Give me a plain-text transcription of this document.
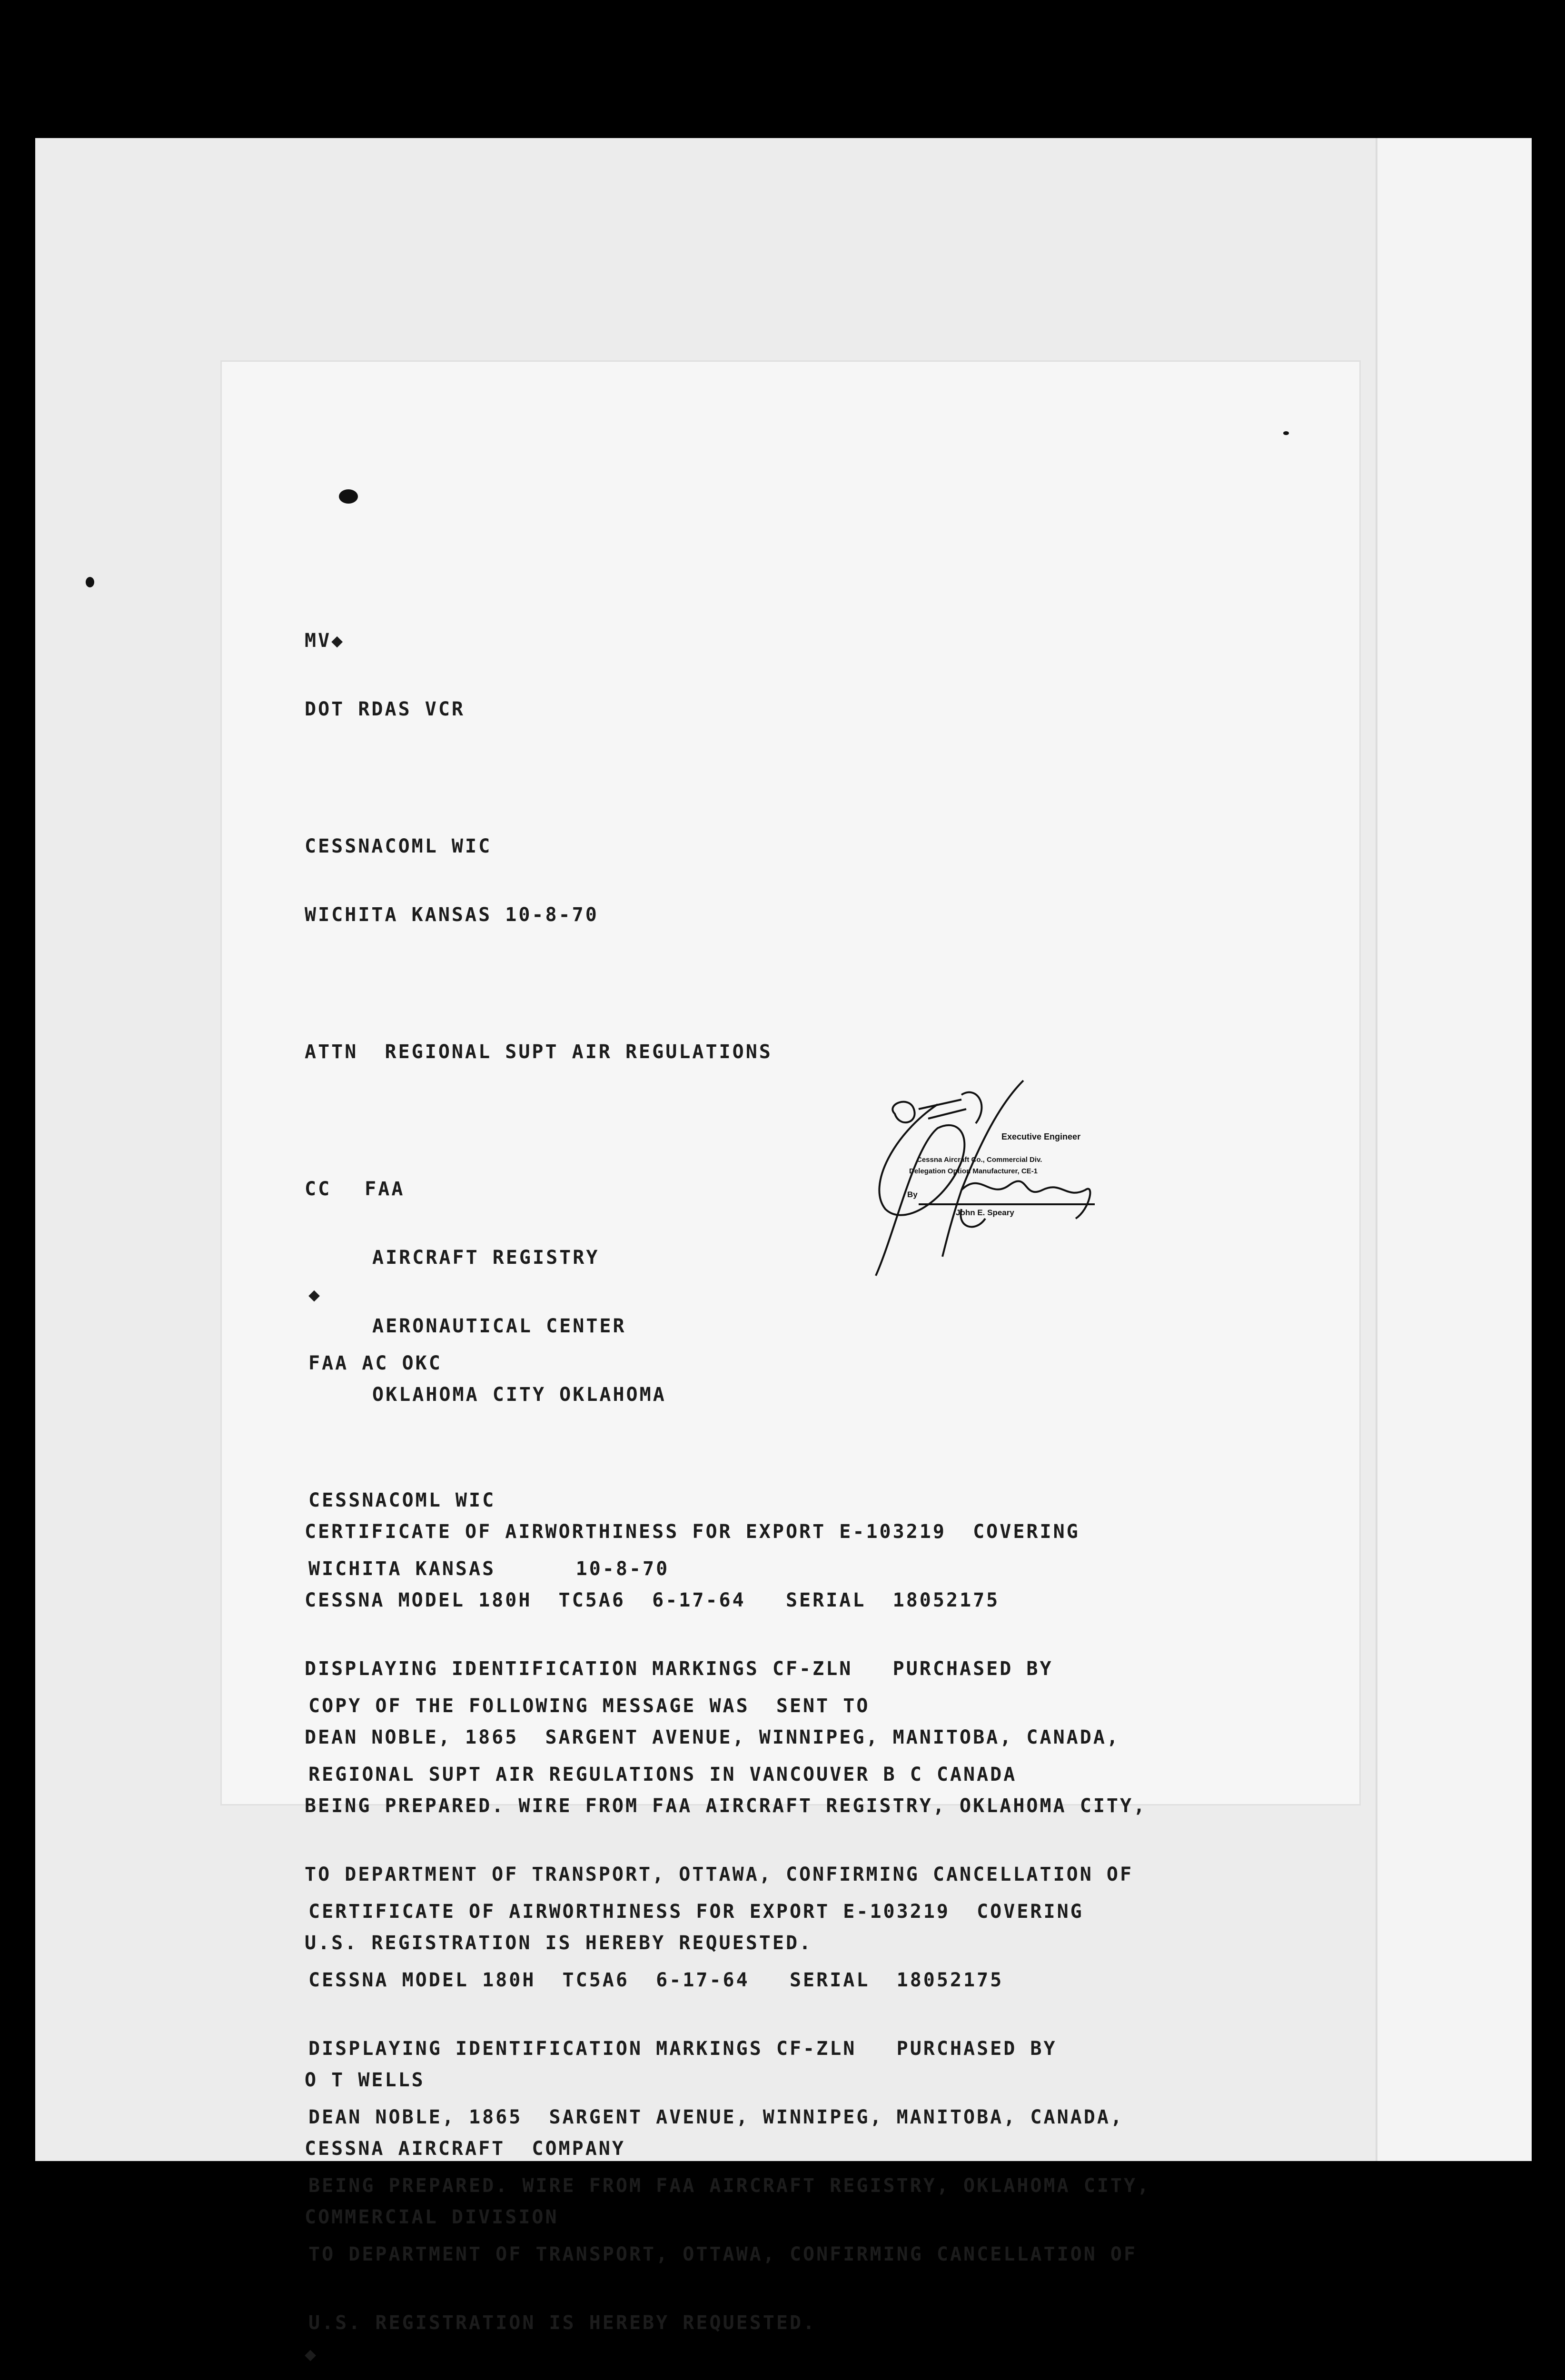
MV◆

DOT RDAS VCR

CESSNACOML WIC

WICHITA KANSAS 10-8-70

ATTN  REGIONAL SUPT AIR REGULATIONS

CC FAA

AIRCRAFT REGISTRY

AERONAUTICAL CENTER

OKLAHOMA CITY OKLAHOMA

CERTIFICATE OF AIRWORTHINESS FOR EXPORT E-103219  COVERING

CESSNA MODEL 180H  TC5A6  6-17-64   SERIAL  18052175

DISPLAYING IDENTIFICATION MARKINGS CF-ZLN   PURCHASED BY

DEAN NOBLE, 1865  SARGENT AVENUE, WINNIPEG, MANITOBA, CANADA,

BEING PREPARED. WIRE FROM FAA AIRCRAFT REGISTRY, OKLAHOMA CITY,

TO DEPARTMENT OF TRANSPORT, OTTAWA, CONFIRMING CANCELLATION OF

U.S. REGISTRATION IS HEREBY REQUESTED.

O T WELLS

CESSNA AIRCRAFT  COMPANY

COMMERCIAL DIVISION

◆

◆

FAA AC OKC

CESSNACOML WIC

WICHITA KANSAS      10-8-70

COPY OF THE FOLLOWING MESSAGE WAS  SENT TO

REGIONAL SUPT AIR REGULATIONS IN VANCOUVER B C CANADA

CERTIFICATE OF AIRWORTHINESS FOR EXPORT E-103219  COVERING

CESSNA MODEL 180H  TC5A6  6-17-64   SERIAL  18052175

DISPLAYING IDENTIFICATION MARKINGS CF-ZLN   PURCHASED BY

DEAN NOBLE, 1865  SARGENT AVENUE, WINNIPEG, MANITOBA, CANADA,

BEING PREPARED. WIRE FROM FAA AIRCRAFT REGISTRY, OKLAHOMA CITY,

TO DEPARTMENT OF TRANSPORT, OTTAWA, CONFIRMING CANCELLATION OF

U.S. REGISTRATION IS HEREBY REQUESTED.

Executive Engineer
Cessna Aircraft Co., Commercial Div.
Delegation Option Manufacturer, CE-1
By
John E. Speary
